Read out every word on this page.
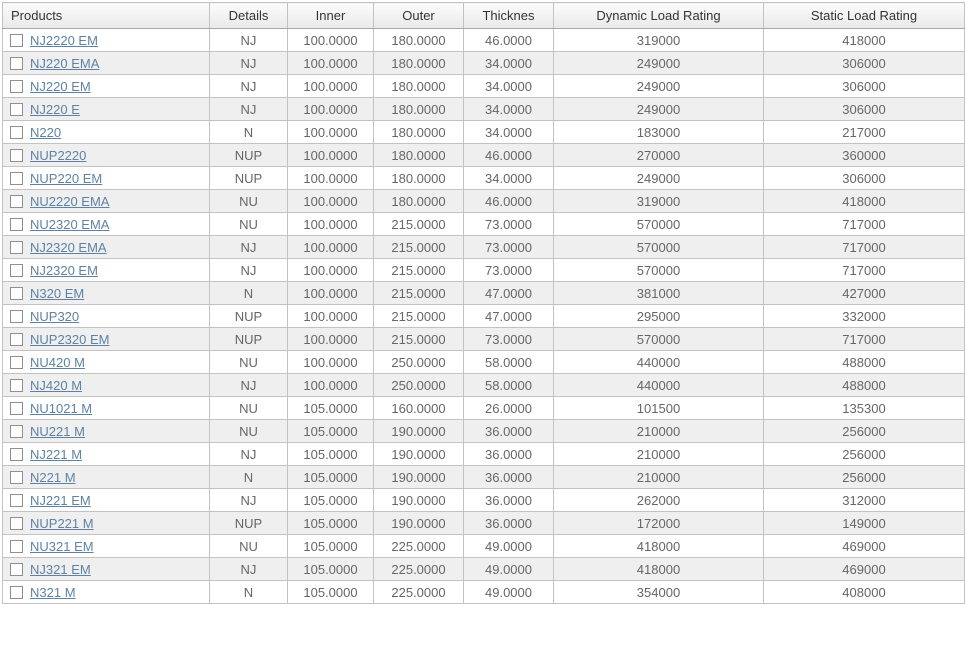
Products	Details	Inner	Outer	Thicknes	Dynamic Load Rating	Static Load Rating
NJ2220 EM	NJ	100.0000	180.0000	46.0000	319000	418000
NJ220 EMA	NJ	100.0000	180.0000	34.0000	249000	306000
NJ220 EM	NJ	100.0000	180.0000	34.0000	249000	306000
NJ220 E	NJ	100.0000	180.0000	34.0000	249000	306000
N220	N	100.0000	180.0000	34.0000	183000	217000
NUP2220	NUP	100.0000	180.0000	46.0000	270000	360000
NUP220 EM	NUP	100.0000	180.0000	34.0000	249000	306000
NU2220 EMA	NU	100.0000	180.0000	46.0000	319000	418000
NU2320 EMA	NU	100.0000	215.0000	73.0000	570000	717000
NJ2320 EMA	NJ	100.0000	215.0000	73.0000	570000	717000
NJ2320 EM	NJ	100.0000	215.0000	73.0000	570000	717000
N320 EM	N	100.0000	215.0000	47.0000	381000	427000
NUP320	NUP	100.0000	215.0000	47.0000	295000	332000
NUP2320 EM	NUP	100.0000	215.0000	73.0000	570000	717000
NU420 M	NU	100.0000	250.0000	58.0000	440000	488000
NJ420 M	NJ	100.0000	250.0000	58.0000	440000	488000
NU1021 M	NU	105.0000	160.0000	26.0000	101500	135300
NU221 M	NU	105.0000	190.0000	36.0000	210000	256000
NJ221 M	NJ	105.0000	190.0000	36.0000	210000	256000
N221 M	N	105.0000	190.0000	36.0000	210000	256000
NJ221 EM	NJ	105.0000	190.0000	36.0000	262000	312000
NUP221 M	NUP	105.0000	190.0000	36.0000	172000	149000
NU321 EM	NU	105.0000	225.0000	49.0000	418000	469000
NJ321 EM	NJ	105.0000	225.0000	49.0000	418000	469000
N321 M	N	105.0000	225.0000	49.0000	354000	408000
